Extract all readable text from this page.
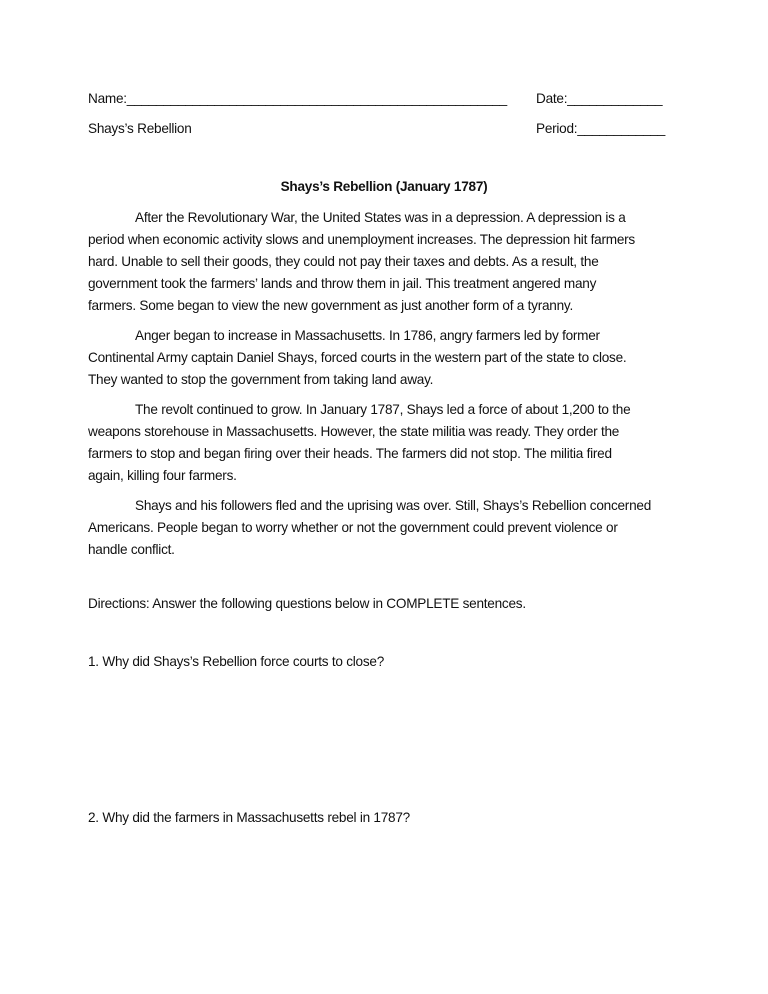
Name:____________________________________________________ Date:_____________
Shays’s Rebellion	Period:____________
Shays’s Rebellion (January 1787)
After the Revolutionary War, the United States was in a depression. A depression is a
period when economic activity slows and unemployment increases. The depression hit farmers
hard. Unable to sell their goods, they could not pay their taxes and debts. As a result, the
government took the farmers’ lands and throw them in jail. This treatment angered many
farmers. Some began to view the new government as just another form of a tyranny.
Anger began to increase in Massachusetts. In 1786, angry farmers led by former
Continental Army captain Daniel Shays, forced courts in the western part of the state to close.
They wanted to stop the government from taking land away.
The revolt continued to grow. In January 1787, Shays led a force of about 1,200 to the
weapons storehouse in Massachusetts. However, the state militia was ready. They order the
farmers to stop and began firing over their heads. The farmers did not stop. The militia fired
again, killing four farmers.
Shays and his followers fled and the uprising was over. Still, Shays’s Rebellion concerned
Americans. People began to worry whether or not the government could prevent violence or
handle conflict.
Directions: Answer the following questions below in COMPLETE sentences.
1. Why did Shays’s Rebellion force courts to close?
2. Why did the farmers in Massachusetts rebel in 1787?
